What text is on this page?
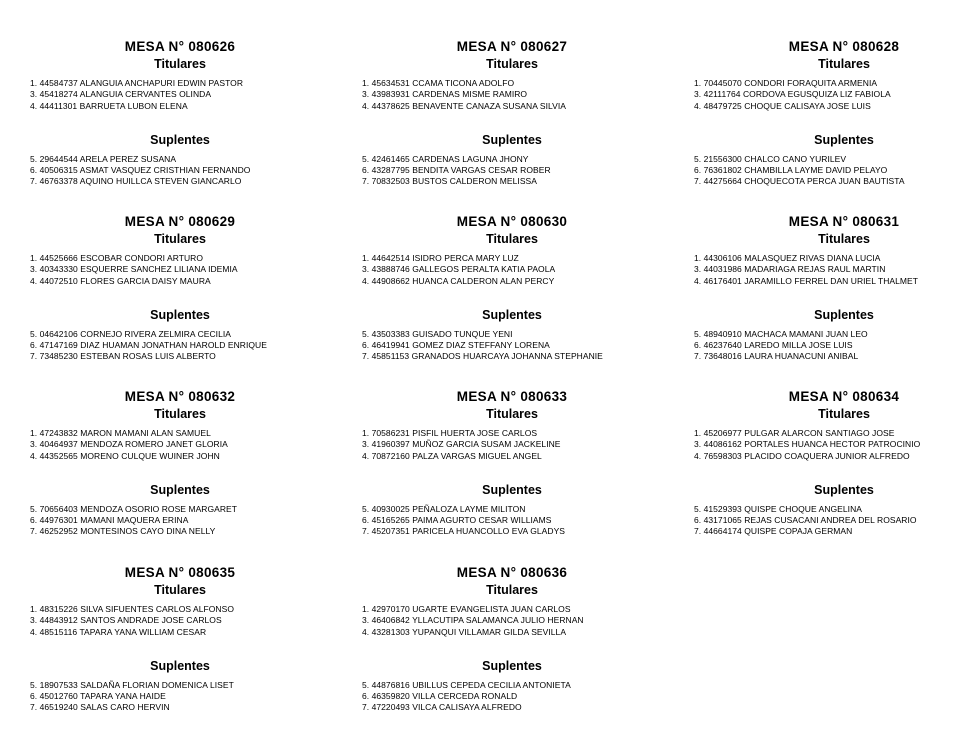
MESA N° 080626
Titulares
1. 44584737 ALANGUIA ANCHAPURI EDWIN PASTOR
3. 45418274 ALANGUIA CERVANTES OLINDA
4. 44411301 BARRUETA LUBON ELENA
Suplentes
5. 29644544 ARELA PEREZ SUSANA
6. 40506315 ASMAT VASQUEZ CRISTHIAN FERNANDO
7. 46763378 AQUINO HUILLCA STEVEN GIANCARLO
MESA N° 080627
Titulares
1. 45634531 CCAMA TICONA ADOLFO
3. 43983931 CARDENAS MISME RAMIRO
4. 44378625 BENAVENTE CANAZA SUSANA SILVIA
Suplentes
5. 42461465 CARDENAS LAGUNA JHONY
6. 43287795 BENDITA VARGAS CESAR ROBER
7. 70832503 BUSTOS CALDERON MELISSA
MESA N° 080628
Titulares
1. 70445070 CONDORI FORAQUITA ARMENIA
3. 42111764 CORDOVA EGUSQUIZA LIZ FABIOLA
4. 48479725 CHOQUE CALISAYA JOSE LUIS
Suplentes
5. 21556300 CHALCO CANO YURILEV
6. 76361802 CHAMBILLA LAYME DAVID PELAYO
7. 44275664 CHOQUECOTA PERCA JUAN BAUTISTA
MESA N° 080629
Titulares
1. 44525666 ESCOBAR CONDORI ARTURO
3. 40343330 ESQUERRE SANCHEZ LILIANA IDEMIA
4. 44072510 FLORES GARCIA DAISY MAURA
Suplentes
5. 04642106 CORNEJO RIVERA ZELMIRA CECILIA
6. 47147169 DIAZ HUAMAN JONATHAN HAROLD ENRIQUE
7. 73485230 ESTEBAN ROSAS LUIS ALBERTO
MESA N° 080630
Titulares
1. 44642514 ISIDRO PERCA MARY LUZ
3. 43888746 GALLEGOS PERALTA KATIA PAOLA
4. 44908662 HUANCA CALDERON ALAN PERCY
Suplentes
5. 43503383 GUISADO TUNQUE YENI
6. 46419941 GOMEZ DIAZ STEFFANY LORENA
7. 45851153 GRANADOS HUARCAYA JOHANNA STEPHANIE
MESA N° 080631
Titulares
1. 44306106 MALASQUEZ RIVAS DIANA LUCIA
3. 44031986 MADARIAGA REJAS RAUL MARTIN
4. 46176401 JARAMILLO FERREL DAN URIEL THALMET
Suplentes
5. 48940910 MACHACA MAMANI JUAN LEO
6. 46237640 LAREDO MILLA JOSE LUIS
7. 73648016 LAURA HUANACUNI ANIBAL
MESA N° 080632
Titulares
1. 47243832 MARON MAMANI ALAN SAMUEL
3. 40464937 MENDOZA ROMERO JANET GLORIA
4. 44352565 MORENO CULQUE WUINER JOHN
Suplentes
5. 70656403 MENDOZA OSORIO ROSE MARGARET
6. 44976301 MAMANI MAQUERA ERINA
7. 46252952 MONTESINOS CAYO DINA NELLY
MESA N° 080633
Titulares
1. 70586231 PISFIL HUERTA JOSE CARLOS
3. 41960397 MUÑOZ GARCIA SUSAM JACKELINE
4. 70872160 PALZA VARGAS MIGUEL ANGEL
Suplentes
5. 40930025 PEÑALOZA LAYME MILITON
6. 45165265 PAIMA AGURTO CESAR WILLIAMS
7. 45207351 PARICELA HUANCOLLO EVA GLADYS
MESA N° 080634
Titulares
1. 45206977 PULGAR ALARCON SANTIAGO JOSE
3. 44086162 PORTALES HUANCA HECTOR PATROCINIO
4. 76598303 PLACIDO COAQUERA JUNIOR ALFREDO
Suplentes
5. 41529393 QUISPE CHOQUE ANGELINA
6. 43171065 REJAS CUSACANI ANDREA DEL ROSARIO
7. 44664174 QUISPE COPAJA GERMAN
MESA N° 080635
Titulares
1. 48315226 SILVA SIFUENTES CARLOS ALFONSO
3. 44843912 SANTOS ANDRADE JOSE CARLOS
4. 48515116 TAPARA YANA WILLIAM CESAR
Suplentes
5. 18907533 SALDAÑA FLORIAN DOMENICA LISET
6. 45012760 TAPARA YANA HAIDE
7. 46519240 SALAS CARO HERVIN
MESA N° 080636
Titulares
1. 42970170 UGARTE EVANGELISTA JUAN CARLOS
3. 46406842 YLLACUTIPA SALAMANCA JULIO HERNAN
4. 43281303 YUPANQUI VILLAMAR GILDA SEVILLA
Suplentes
5. 44876816 UBILLUS CEPEDA CECILIA ANTONIETA
6. 46359820 VILLA CERCEDA RONALD
7. 47220493 VILCA CALISAYA ALFREDO
